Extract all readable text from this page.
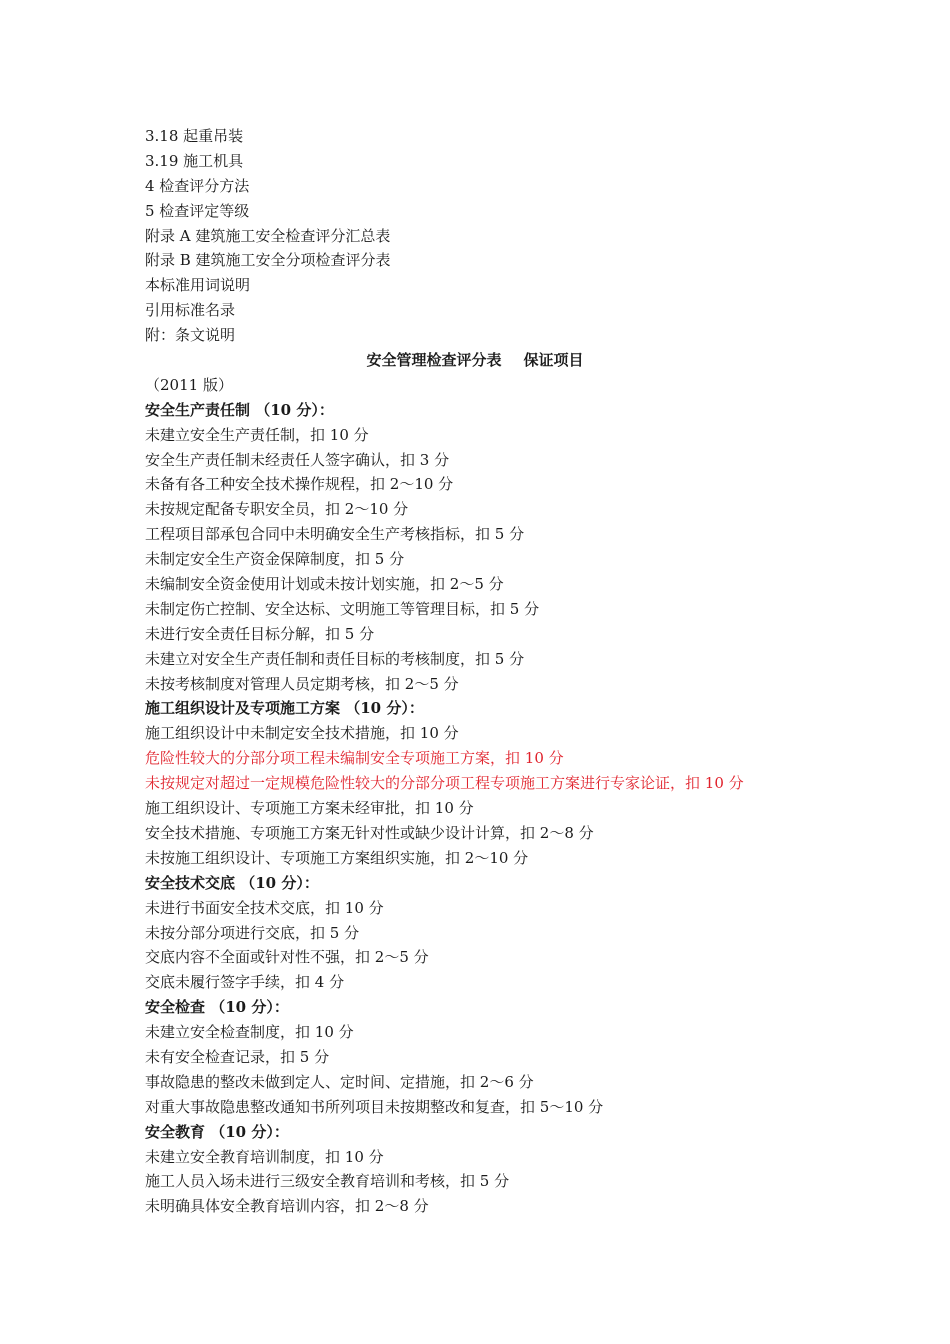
3.18 起重吊装
3.19 施工机具
4 检查评分方法
5 检查评定等级
附录 A 建筑施工安全检查评分汇总表
附录 B 建筑施工安全分项检查评分表
本标准用词说明
引用标准名录
附：条文说明
安全管理检查评分表 保证项目
（2011 版）
安全生产责任制 （10 分）：
未建立安全生产责任制，扣 10 分
安全生产责任制未经责任人签字确认，扣 3 分
未备有各工种安全技术操作规程，扣 2～10 分
未按规定配备专职安全员，扣 2～10 分
工程项目部承包合同中未明确安全生产考核指标，扣 5 分
未制定安全生产资金保障制度，扣 5 分
未编制安全资金使用计划或未按计划实施，扣 2～5 分
未制定伤亡控制、安全达标、文明施工等管理目标，扣 5 分
未进行安全责任目标分解，扣 5 分
未建立对安全生产责任制和责任目标的考核制度，扣 5 分
未按考核制度对管理人员定期考核，扣 2～5 分
施工组织设计及专项施工方案 （10 分）：
施工组织设计中未制定安全技术措施，扣 10 分
危险性较大的分部分项工程未编制安全专项施工方案，扣 10 分
未按规定对超过一定规模危险性较大的分部分项工程专项施工方案进行专家论证，扣 10 分
施工组织设计、专项施工方案未经审批，扣 10 分
安全技术措施、专项施工方案无针对性或缺少设计计算，扣 2～8 分
未按施工组织设计、专项施工方案组织实施，扣 2～10 分
安全技术交底 （10 分）：
未进行书面安全技术交底，扣 10 分
未按分部分项进行交底，扣 5 分
交底内容不全面或针对性不强，扣 2～5 分
交底未履行签字手续，扣 4 分
安全检查 （10 分）：
未建立安全检查制度，扣 10 分
未有安全检查记录，扣 5 分
事故隐患的整改未做到定人、定时间、定措施，扣 2～6 分
对重大事故隐患整改通知书所列项目未按期整改和复查，扣 5～10 分
安全教育 （10 分）：
未建立安全教育培训制度，扣 10 分
施工人员入场未进行三级安全教育培训和考核，扣 5 分
未明确具体安全教育培训内容，扣 2～8 分
